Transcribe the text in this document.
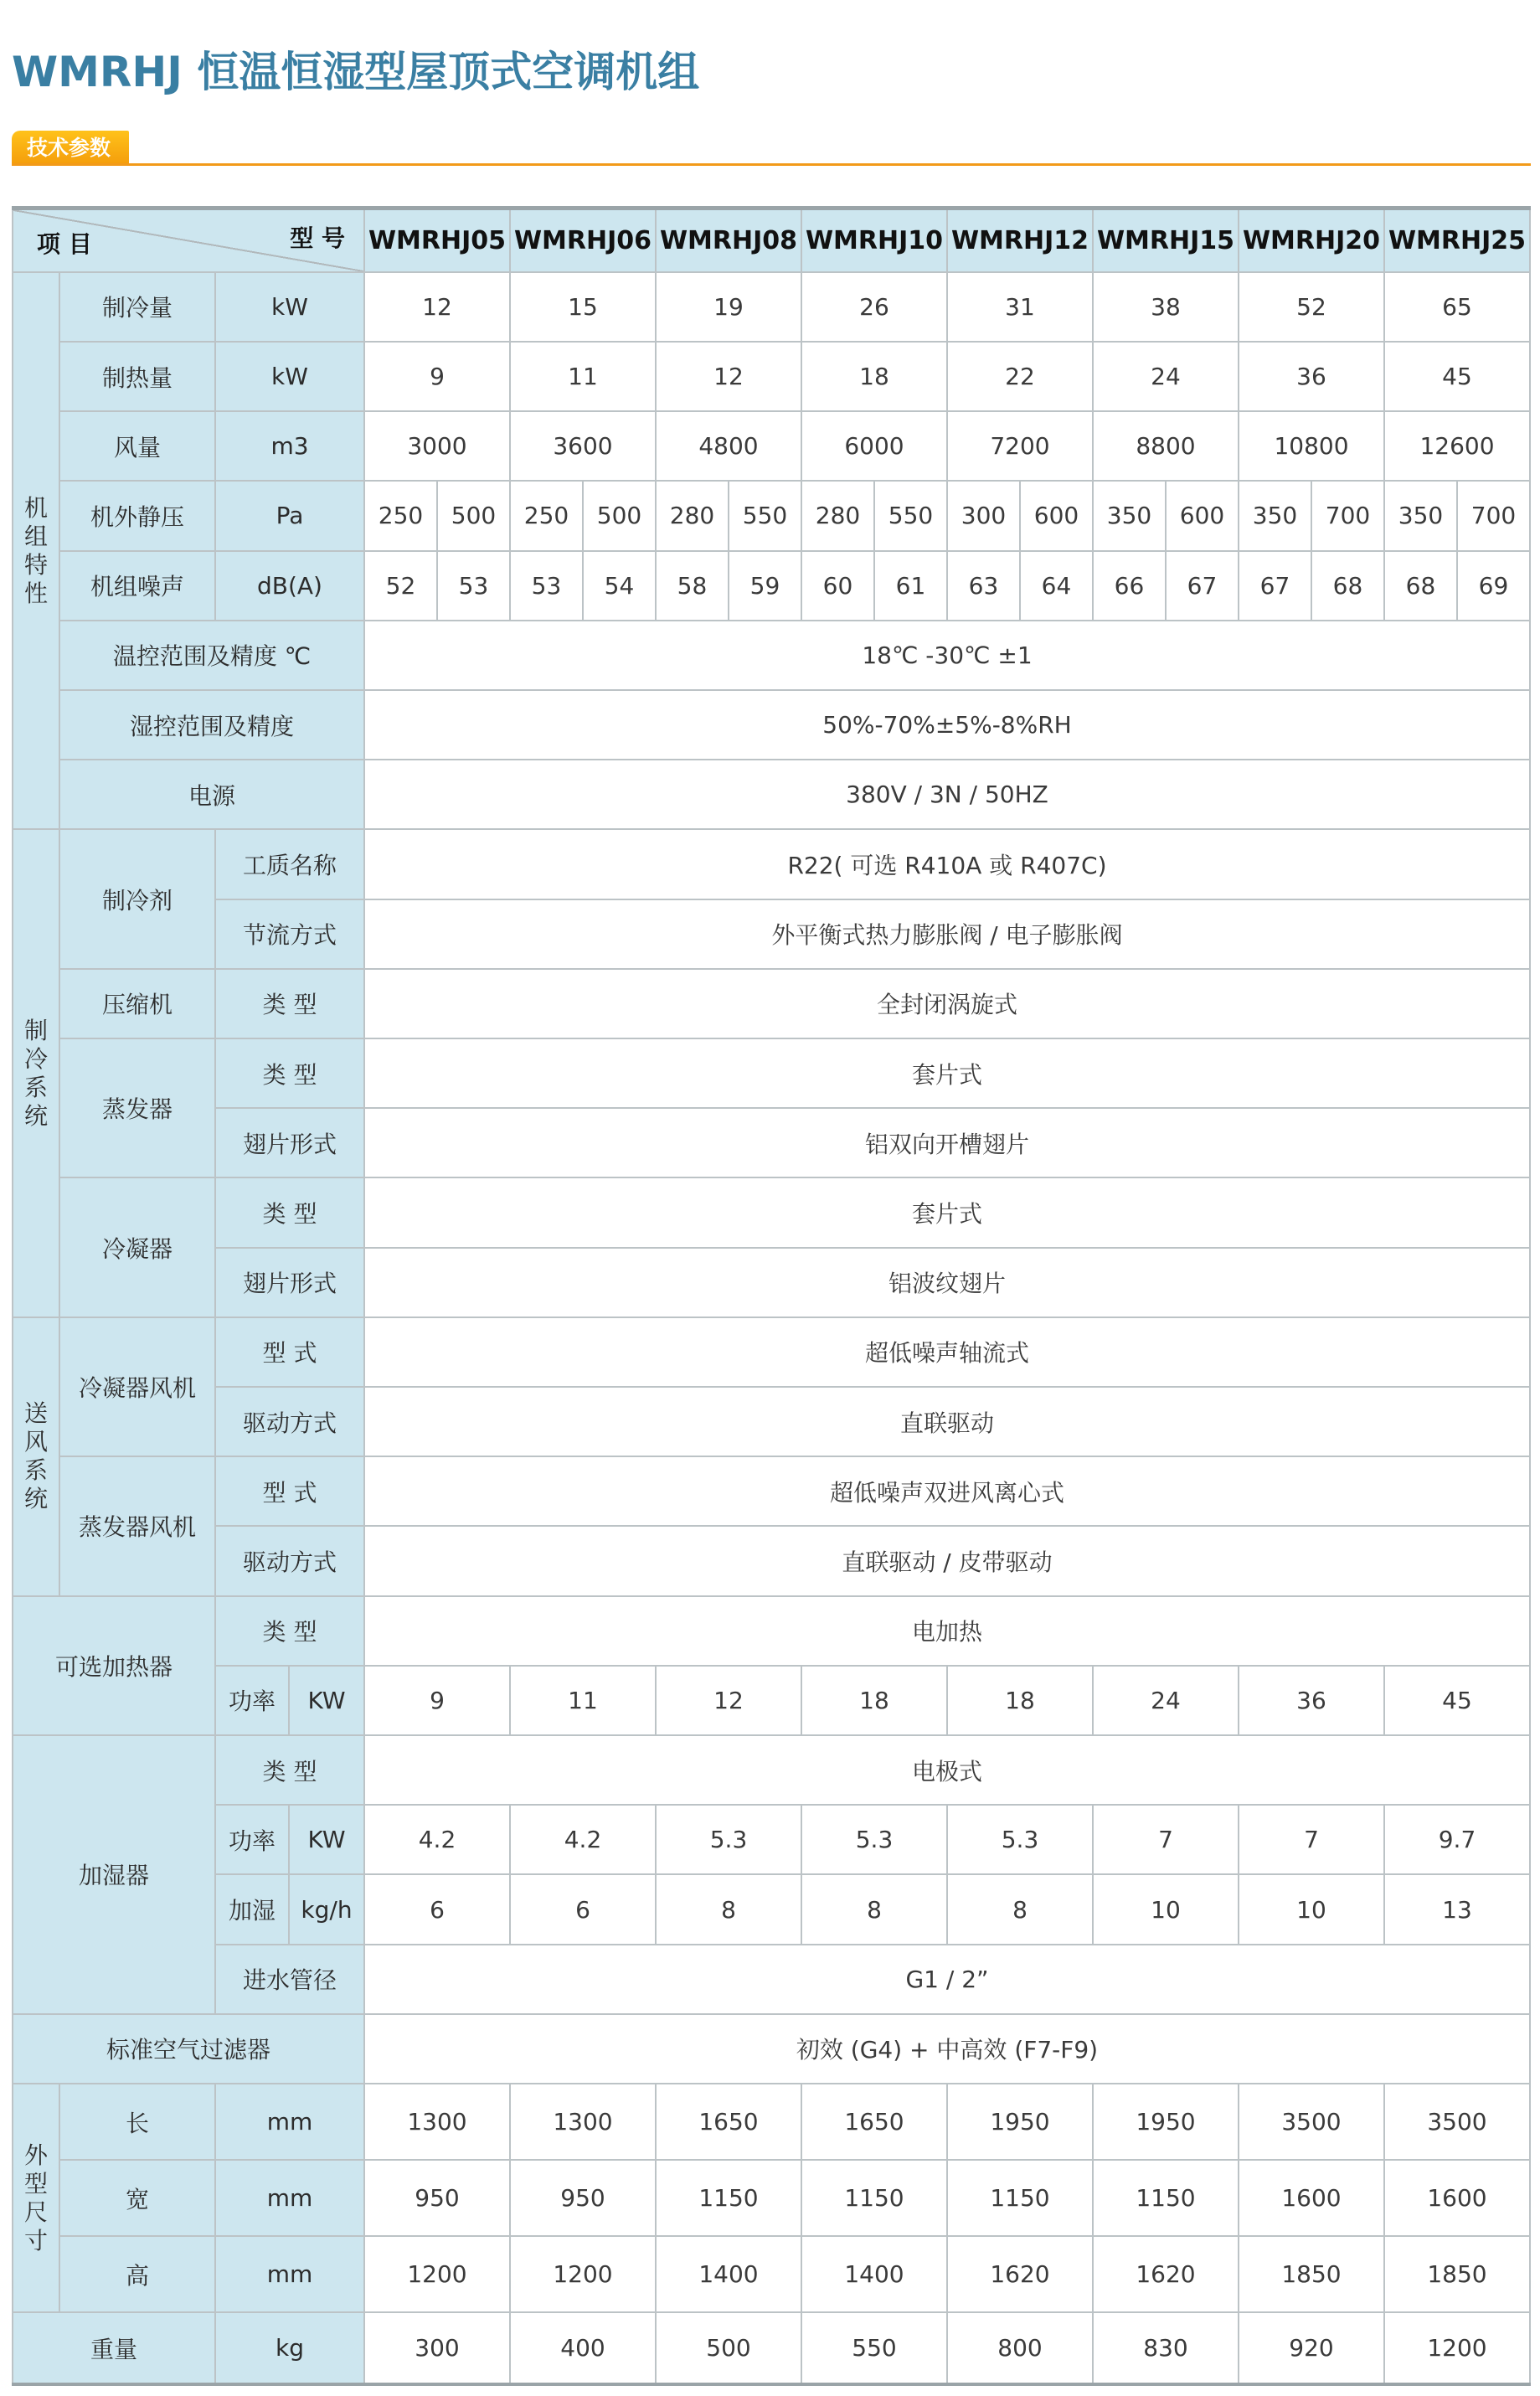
WMRHJ 恒温恒湿型屋顶式空调机组
技术参数
型 号
项 目				WMRHJ05		WMRHJ06		WMRHJ08		WMRHJ10		WMRHJ12		WMRHJ15		WMRHJ20		WMRHJ25	
机
组
特
性	制冷量	kW		12		15		19		26		31		38		52		65	
	制热量	kW		9		11		12		18		22		24		36		45	
	风量	m3		3000		3600		4800		6000		7200		8800		10800		12600	
	机外静压	Pa		250	500	250	500	280	550	280	550	300	600	350	600	350	700	350	700
	机组噪声	dB(A)		52	53	53	54	58	59	60	61	63	64	66	67	67	68	68	69
	温控范围及精度 ℃			18℃ -30℃ ±1															
	湿控范围及精度			50%-70%±5%-8%RH															
	电源			380V / 3N / 50HZ															
制
冷
系
统	制冷剂	工质名称		R22( 可选 R410A 或 R407C)															
		节流方式		外平衡式热力膨胀阀 / 电子膨胀阀															
	压缩机	类 型		全封闭涡旋式															
	蒸发器	类 型		套片式															
		翅片形式		铝双向开槽翅片															
	冷凝器	类 型		套片式															
		翅片形式		铝波纹翅片															
送
风
系
统	冷凝器风机	型 式		超低噪声轴流式															
		驱动方式		直联驱动															
	蒸发器风机	型 式		超低噪声双进风离心式															
		驱动方式		直联驱动 / 皮带驱动															
可选加热器		类 型		电加热															
		功率	KW	9		11		12		18		18		24		36		45	
加湿器		类 型		电极式															
		功率	KW	4.2		4.2		5.3		5.3		5.3		7		7		9.7	
		加湿	kg/h	6		6		8		8		8		10		10		13	
		进水管径		G1 / 2”															
标准空气过滤器				初效 (G4) + 中高效 (F7-F9)															
外
型
尺
寸	长	mm		1300		1300		1650		1650		1950		1950		3500		3500	
	宽	mm		950		950		1150		1150		1150		1150		1600		1600	
	高	mm		1200		1200		1400		1400		1620		1620		1850		1850	
重量		kg		300		400		500		550		800		830		920		1200	
